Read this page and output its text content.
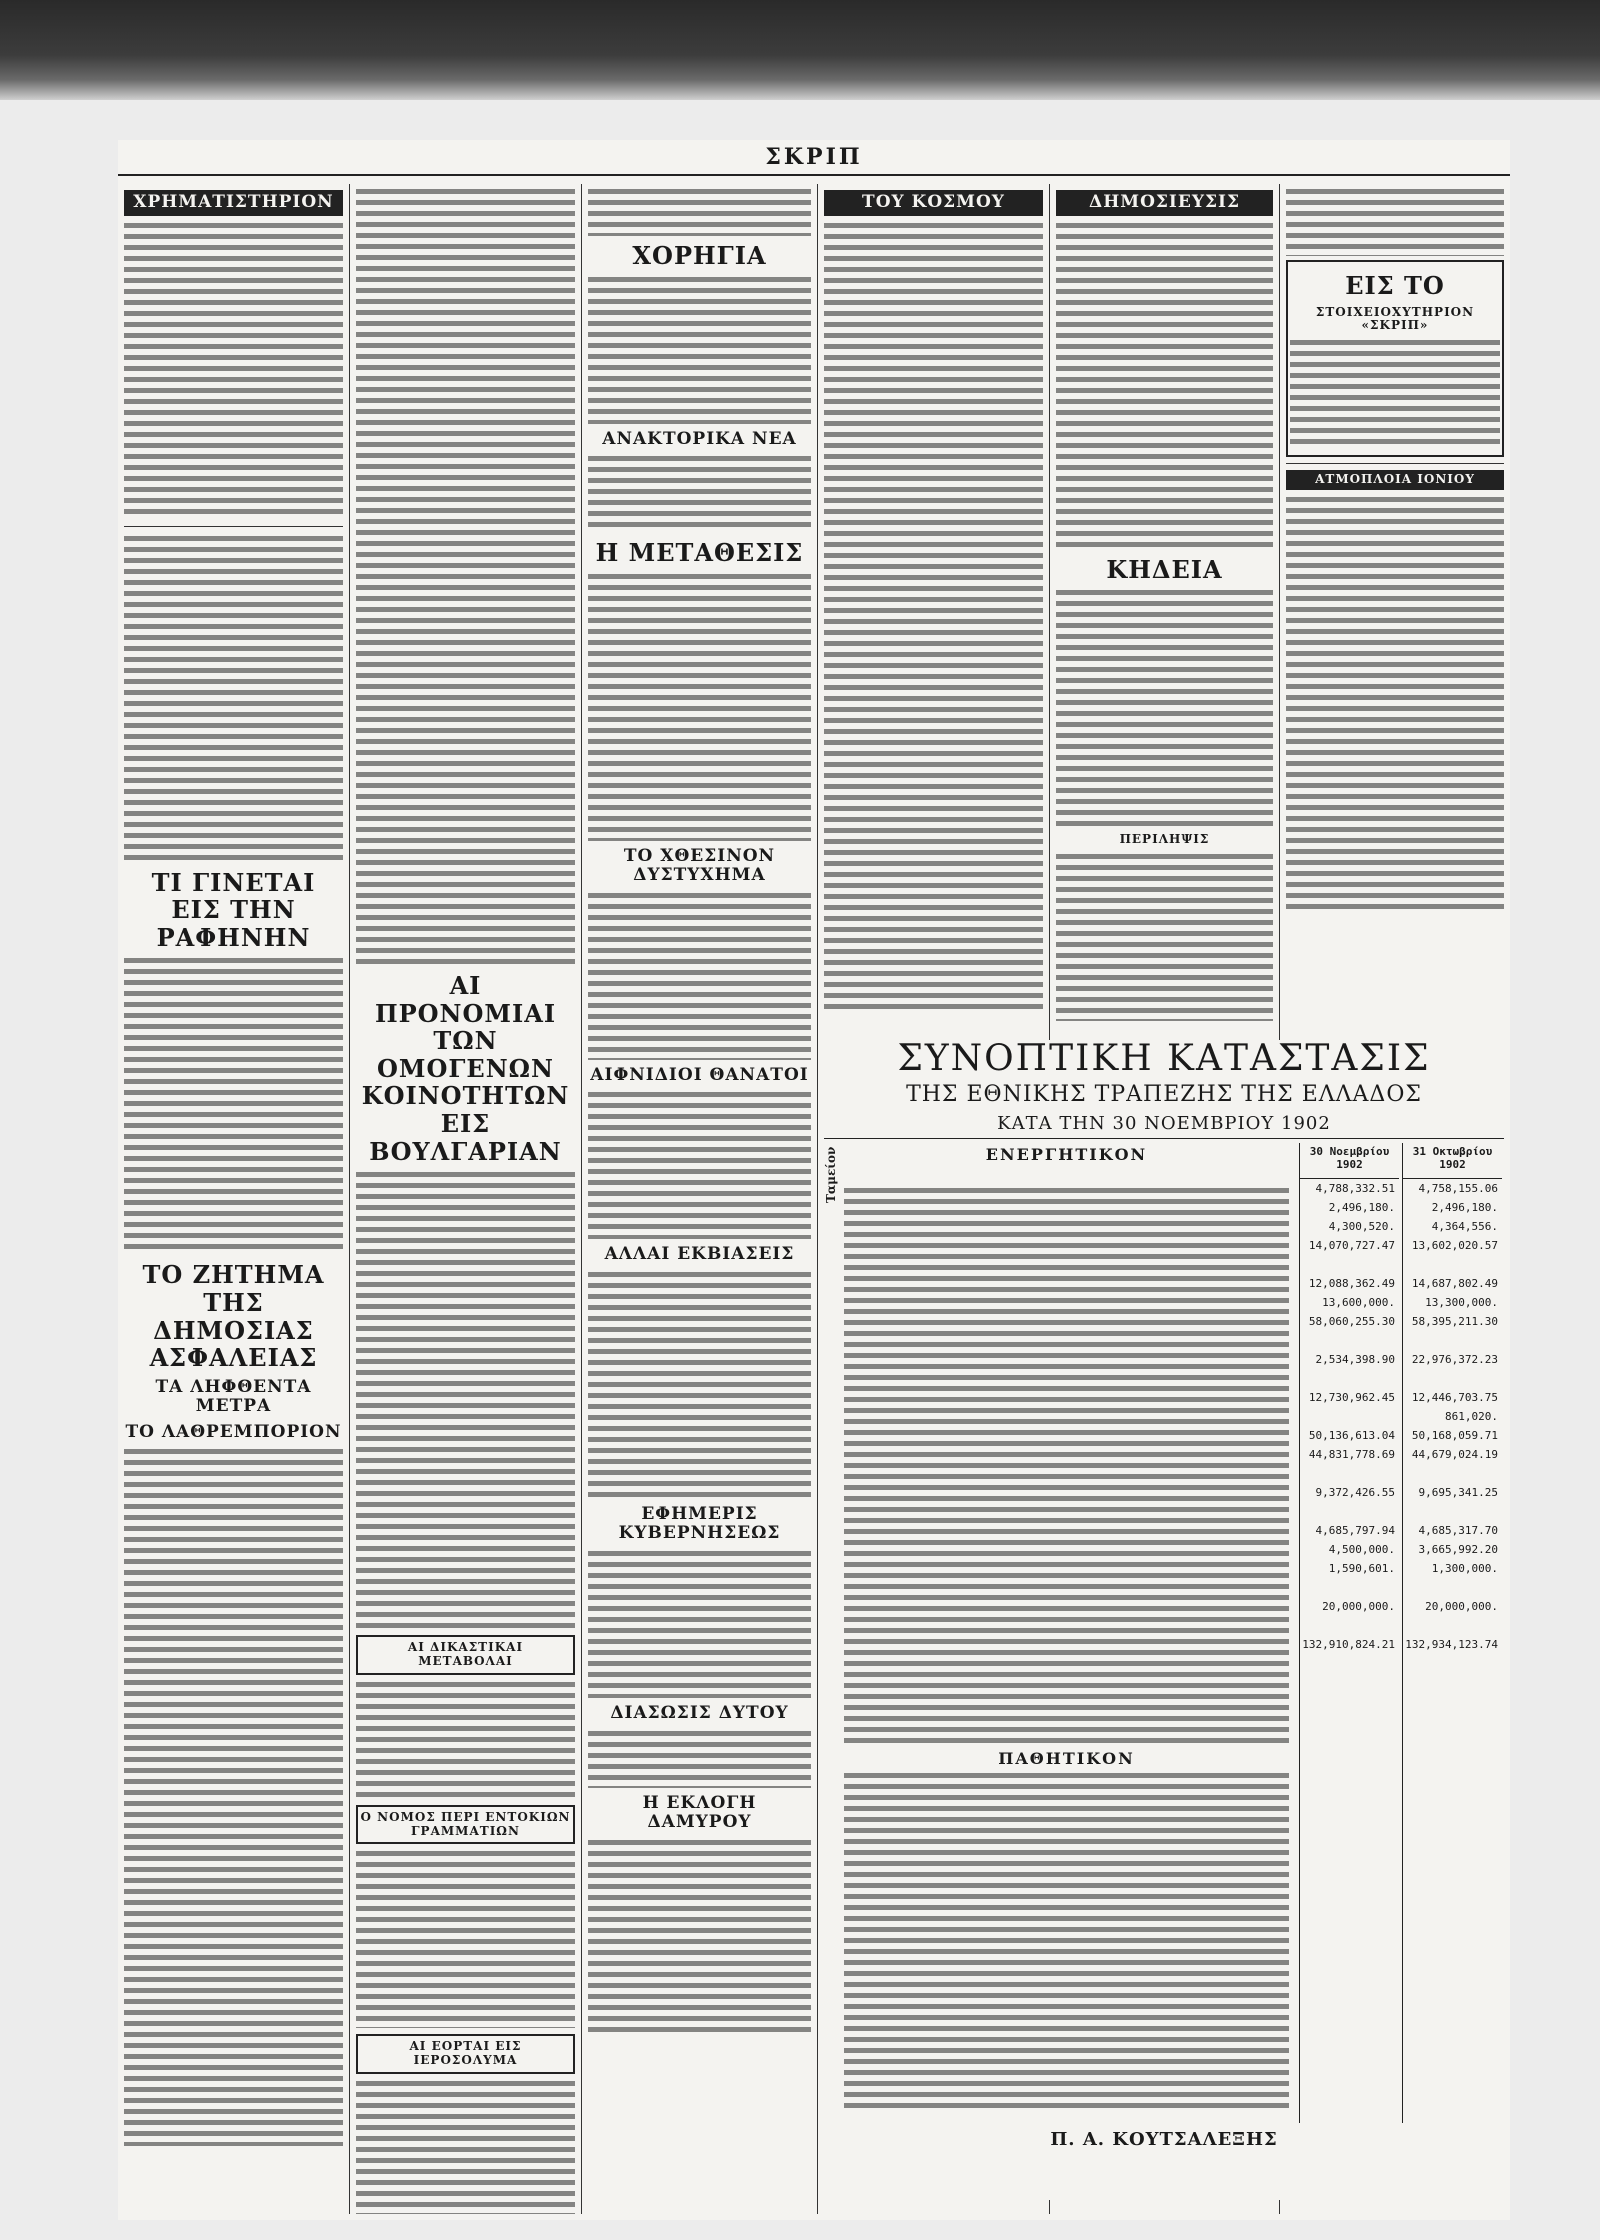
ΣΚΡΙΠ
ΧΡΗΜΑΤΙΣΤΗΡΙΟΝ
ΤΙ ΓΙΝΕΤΑΙ ΕΙΣ ΤΗΝ ΡΑΦΗΝΗΝ
ΤΟ ΖΗΤΗΜΑ ΤΗΣ ΔΗΜΟΣΙΑΣ ΑΣΦΑΛΕΙΑΣ
ΤΑ ΛΗΦΘΕΝΤΑ ΜΕΤΡΑ
ΤΟ ΛΑΘΡΕΜΠΟΡΙΟΝ
ΑΙ ΠΡΟΝΟΜΙΑΙ ΤΩΝ ΟΜΟΓΕΝΩΝ ΚΟΙΝΟΤΗΤΩΝ ΕΙΣ ΒΟΥΛΓΑΡΙΑΝ
ΑΙ ΔΙΚΑΣΤΙΚΑΙ ΜΕΤΑΒΟΛΑΙ
Ο ΝΟΜΟΣ ΠΕΡΙ ΕΝΤΟΚΙΩΝ ΓΡΑΜΜΑΤΙΩΝ
ΑΙ ΕΟΡΤΑΙ ΕΙΣ ΙΕΡΟΣΟΛΥΜΑ
ΧΟΡΗΓΙΑ
ΑΝΑΚΤΟΡΙΚΑ ΝΕΑ
Η ΜΕΤΑΘΕΣΙΣ
ΤΟ ΧΘΕΣΙΝΟΝ ΔΥΣΤΥΧΗΜΑ
ΑΙΦΝΙΔΙΟΙ ΘΑΝΑΤΟΙ
ΑΛΛΑΙ ΕΚΒΙΑΣΕΙΣ
ΕΦΗΜΕΡΙΣ ΚΥΒΕΡΝΗΣΕΩΣ
ΔΙΑΣΩΣΙΣ ΔΥΤΟΥ
Η ΕΚΛΟΓΗ ΔΑΜΥΡΟΥ
ΤΟΥ ΚΟΣΜΟΥ	ΔΗΜΟΣΙΕΥΣΙΣ
ΚΗΔΕΙΑ
ΠΕΡΙΛΗΨΙΣ
ΕΙΣ ΤΟ
ΣΤΟΙΧΕΙΟΧΥΤΗΡΙΟΝ «ΣΚΡΙΠ»
ΑΤΜΟΠΛΟΙΑ ΙΟΝΙΟΥ
ΣΥΝΟΠΤΙΚΗ ΚΑΤΑΣΤΑΣΙΣ
ΤΗΣ ΕΘΝΙΚΗΣ ΤΡΑΠΕΖΗΣ ΤΗΣ ΕΛΛΑΔΟΣ
ΚΑΤΑ ΤΗΝ 30 ΝΟΕΜΒΡΙΟΥ 1902
Ταμείον	ΕΝΕΡΓΗΤΙΚΟΝ
ΠΑΘΗΤΙΚΟΝ
30 Νοεμβρίου 1902
4,788,332.51
2,496,180.
4,300,520.
14,070,727.47
12,088,362.49
13,600,000.
58,060,255.30
2,534,398.90
12,730,962.45
50,136,613.04
44,831,778.69
9,372,426.55
4,685,797.94
4,500,000.
1,590,601.
20,000,000.
132,910,824.21
31 Οκτωβρίου 1902
4,758,155.06
2,496,180.
4,364,556.
13,602,020.57
14,687,802.49
13,300,000.
58,395,211.30
22,976,372.23
12,446,703.75
861,020.
50,168,059.71
44,679,024.19
9,695,341.25
4,685,317.70
3,665,992.20
1,300,000.
20,000,000.
132,934,123.74
Π. Α. ΚΟΥΤΣΑΛΕΞΗΣ
